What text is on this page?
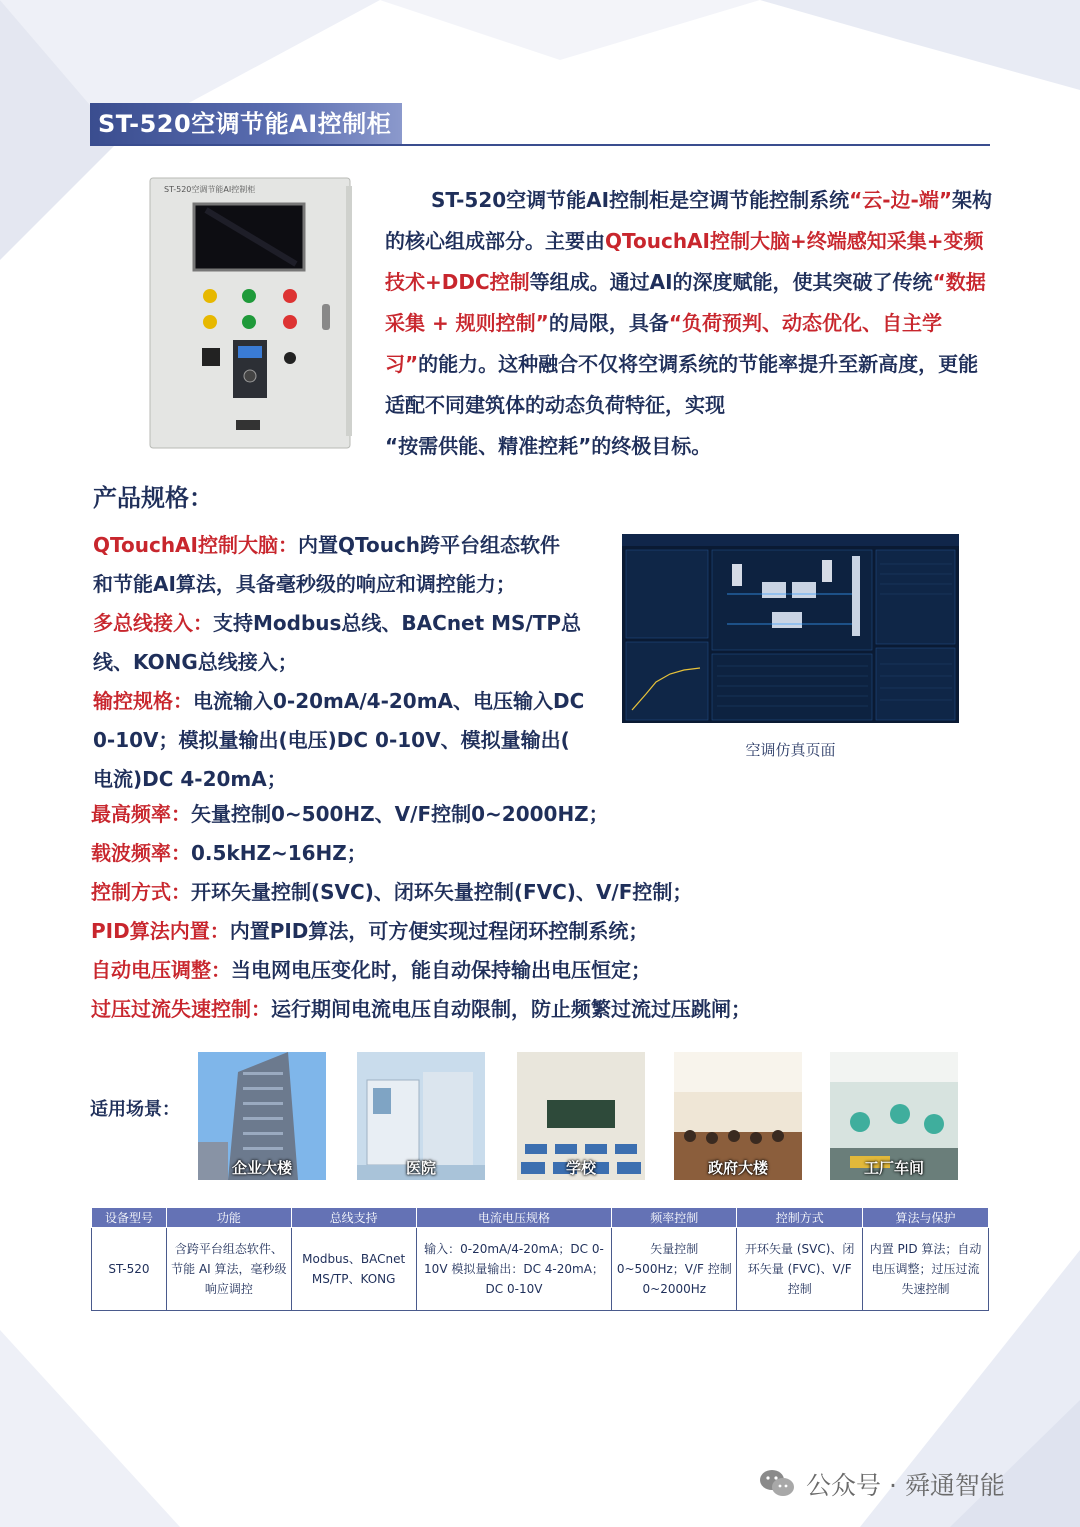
ST-520空调节能AI控制柜
ST-520空调节能AI控制柜	ST-520空调节能AI控制柜是空调节能控制系统“云-边-端”架构的核心组成部分。主要由QTouchAI控制大脑+终端感知采集+变频技术+DDC控制等组成。通过AI的深度赋能，使其突破了传统“数据采集 + 规则控制”的局限，具备“负荷预判、动态优化、自主学习”的能力。这种融合不仅将空调系统的节能率提升至新高度，更能适配不同建筑体的动态负荷特征，实现
“按需供能、精准控耗”的终极目标。
产品规格：
QTouchAI控制大脑：内置QTouch跨平台组态软件
和节能AI算法，具备毫秒级的响应和调控能力；
多总线接入：支持Modbus总线、BACnet MS/TP总
线、KONG总线接入；
输控规格：电流输入0-20mA/4-20mA、电压输入DC
0-10V；模拟量输出(电压)DC 0-10V、模拟量输出(
电流)DC 4-20mA；
最高频率：矢量控制0~500HZ、V/F控制0~2000HZ；
载波频率：0.5kHZ~16HZ；
控制方式：开环矢量控制(SVC)、闭环矢量控制(FVC)、V/F控制；
PID算法内置：内置PID算法，可方便实现过程闭环控制系统；
自动电压调整：当电网电压变化时，能自动保持输出电压恒定；
过压过流失速控制：运行期间电流电压自动限制，防止频繁过流过压跳闸；
空调仿真页面
适用场景：
企业大楼	医院	学校	政府大楼	工厂车间
设备型号	功能	总线支持	电流电压规格	频率控制	控制方式	算法与保护
ST-520	含跨平台组态软件、节能 AI 算法，毫秒级响应调控	Modbus、BACnet MS/TP、KONG	输入：0-20mA/4-20mA；DC 0-10V 模拟量输出：DC 4-20mA；DC 0-10V	矢量控制 0~500Hz；V/F 控制 0~2000Hz	开环矢量 (SVC)、闭环矢量 (FVC)、V/F 控制	内置 PID 算法；自动电压调整；过压过流失速控制
公众号 · 舜通智能
